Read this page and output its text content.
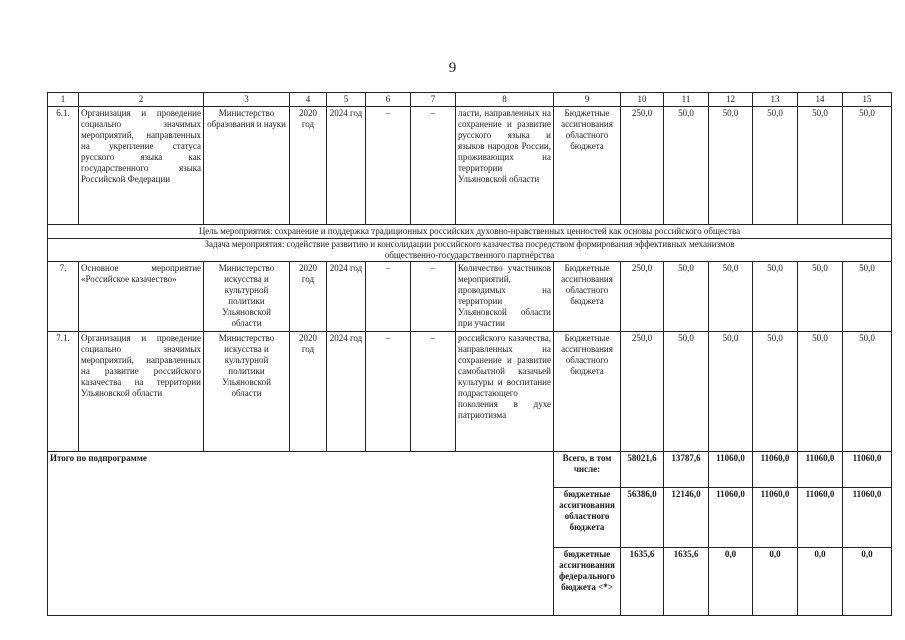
9
1	2	3	4	5	6	7	8	9	10	11	12	13	14	15
6.1.	Организация и проведение социально значимых мероприятий, направленных на укрепление статуса русского языка как государственного языка Российской Федерации	Министерство образования и науки	2020 год	2024 год	–	–	ласти, направленных на сохранение и развитие русского языка и языков народов России, проживающих на территории Ульяновской области	Бюджетные ассигнования областного бюджета	250,0	50,0	50,0	50,0	50,0	50,0
Цель мероприятия: сохранение и поддержка традиционных российских духовно-нравственных ценностей как основы российского общества														
Задача мероприятия: содействие развитию и консолидации российского казачества посредством формирования эффективных механизмов общественно-государственного партнёрства														
7.	Основное мероприятие «Российское казачество»	Министерство искусства и культурной политики Ульяновской области	2020 год	2024 год	–	–	Количество участников мероприятий, проводимых на территории Ульяновской области при участии	Бюджетные ассигнования областного бюджета	250,0	50,0	50,0	50,0	50,0	50,0
7.1.	Организация и проведение социально значимых мероприятий, направленных на развитие российского казачества на территории Ульяновской области	Министерство искусства и культурной политики Ульяновской области	2020 год	2024 год	–	–	российского казачества, направленных на сохранение и развитие самобытной казачьей культуры и воспитание подрастающего поколения в духе патриотизма	Бюджетные ассигнования областного бюджета	250,0	50,0	50,0	50,0	50,0	50,0
Итого по подпрограмме								Всего, в том числе:	58021,6	13787,6	11060,0	11060,0	11060,0	11060,0
								бюджетные ассигнования областного бюджета	56386,0	12146,0	11060,0	11060,0	11060,0	11060,0
								бюджетные ассигнования федерального бюджета <*>	1635,6	1635,6	0,0	0,0	0,0	0,0
